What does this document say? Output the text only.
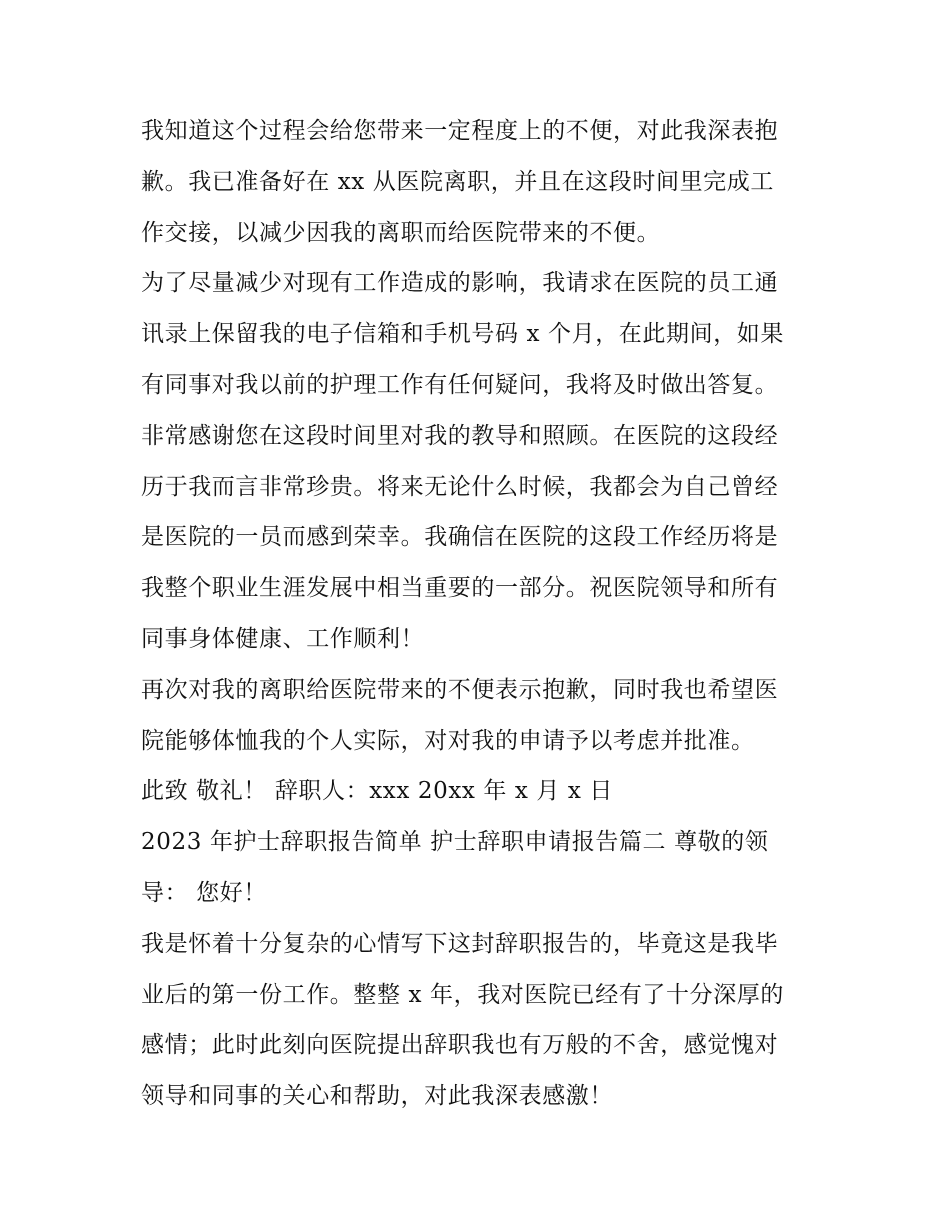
我知道这个过程会给您带来一定程度上的不便，对此我深表抱
歉。我已准备好在 xx 从医院离职，并且在这段时间里完成工
作交接，以减少因我的离职而给医院带来的不便。
为了尽量减少对现有工作造成的影响，我请求在医院的员工通
讯录上保留我的电子信箱和手机号码 x 个月，在此期间，如果
有同事对我以前的护理工作有任何疑问，我将及时做出答复。
非常感谢您在这段时间里对我的教导和照顾。在医院的这段经
历于我而言非常珍贵。将来无论什么时候，我都会为自己曾经
是医院的一员而感到荣幸。我确信在医院的这段工作经历将是
我整个职业生涯发展中相当重要的一部分。祝医院领导和所有
同事身体健康、工作顺利！
再次对我的离职给医院带来的不便表示抱歉，同时我也希望医
院能够体恤我的个人实际，对对我的申请予以考虑并批准。
此致 敬礼！ 辞职人：xxx 20xx 年 x 月 x 日
2023 年护士辞职报告简单 护士辞职申请报告篇二 尊敬的领
导： 您好！
我是怀着十分复杂的心情写下这封辞职报告的，毕竟这是我毕
业后的第一份工作。整整 x 年，我对医院已经有了十分深厚的
感情；此时此刻向医院提出辞职我也有万般的不舍，感觉愧对
领导和同事的关心和帮助，对此我深表感激！
